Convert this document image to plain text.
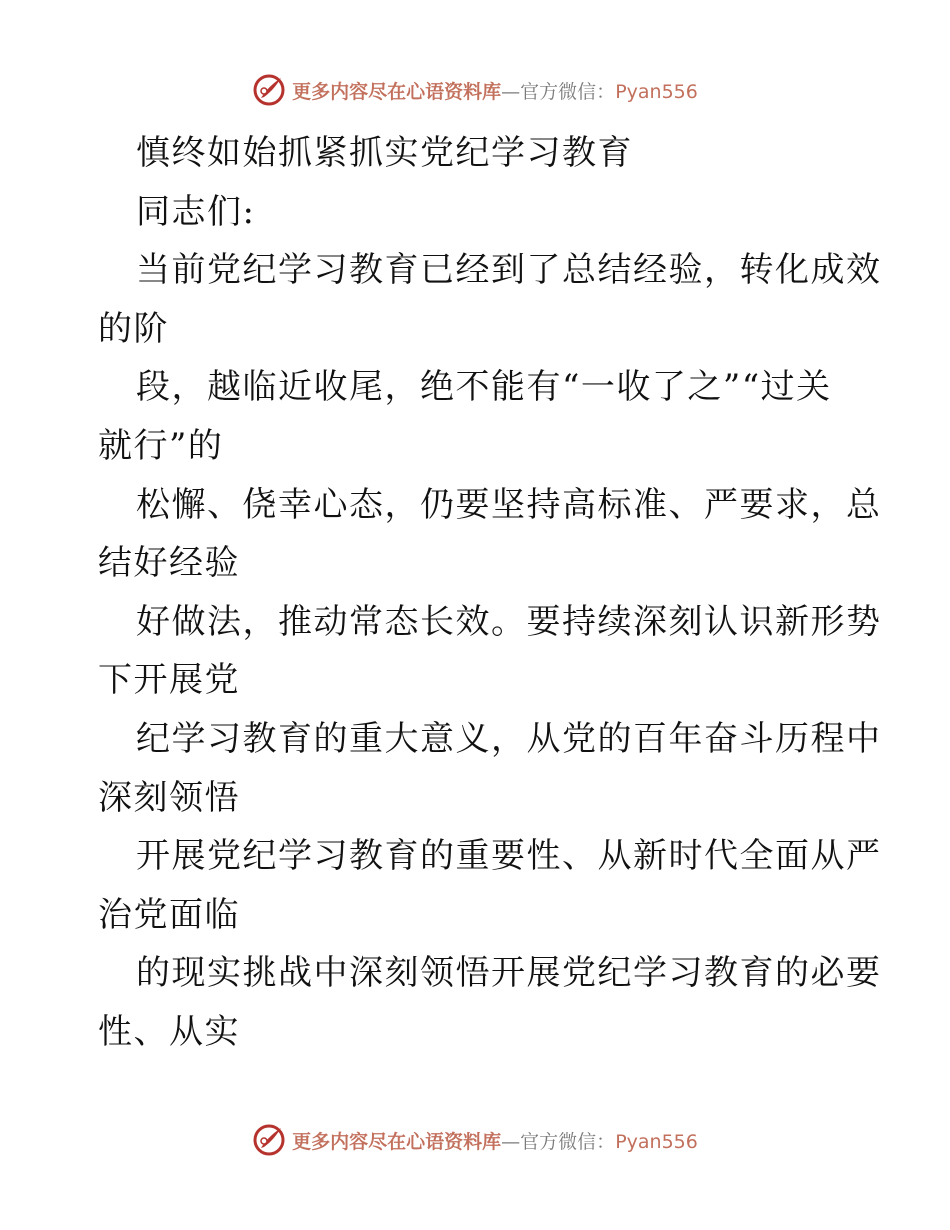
更多内容尽在心语资料库—官方微信：Pyan556
慎终如始抓紧抓实党纪学习教育
同志们:
当前党纪学习教育已经到了总结经验，转化成效
的阶
段，越临近收尾，绝不能有“一收了之”“过关
就行”的
松懈、侥幸心态，仍要坚持高标准、严要求，总
结好经验
好做法，推动常态长效。要持续深刻认识新形势
下开展党
纪学习教育的重大意义，从党的百年奋斗历程中
深刻领悟
开展党纪学习教育的重要性、从新时代全面从严
治党面临
的现实挑战中深刻领悟开展党纪学习教育的必要
性、从实
更多内容尽在心语资料库—官方微信：Pyan556
